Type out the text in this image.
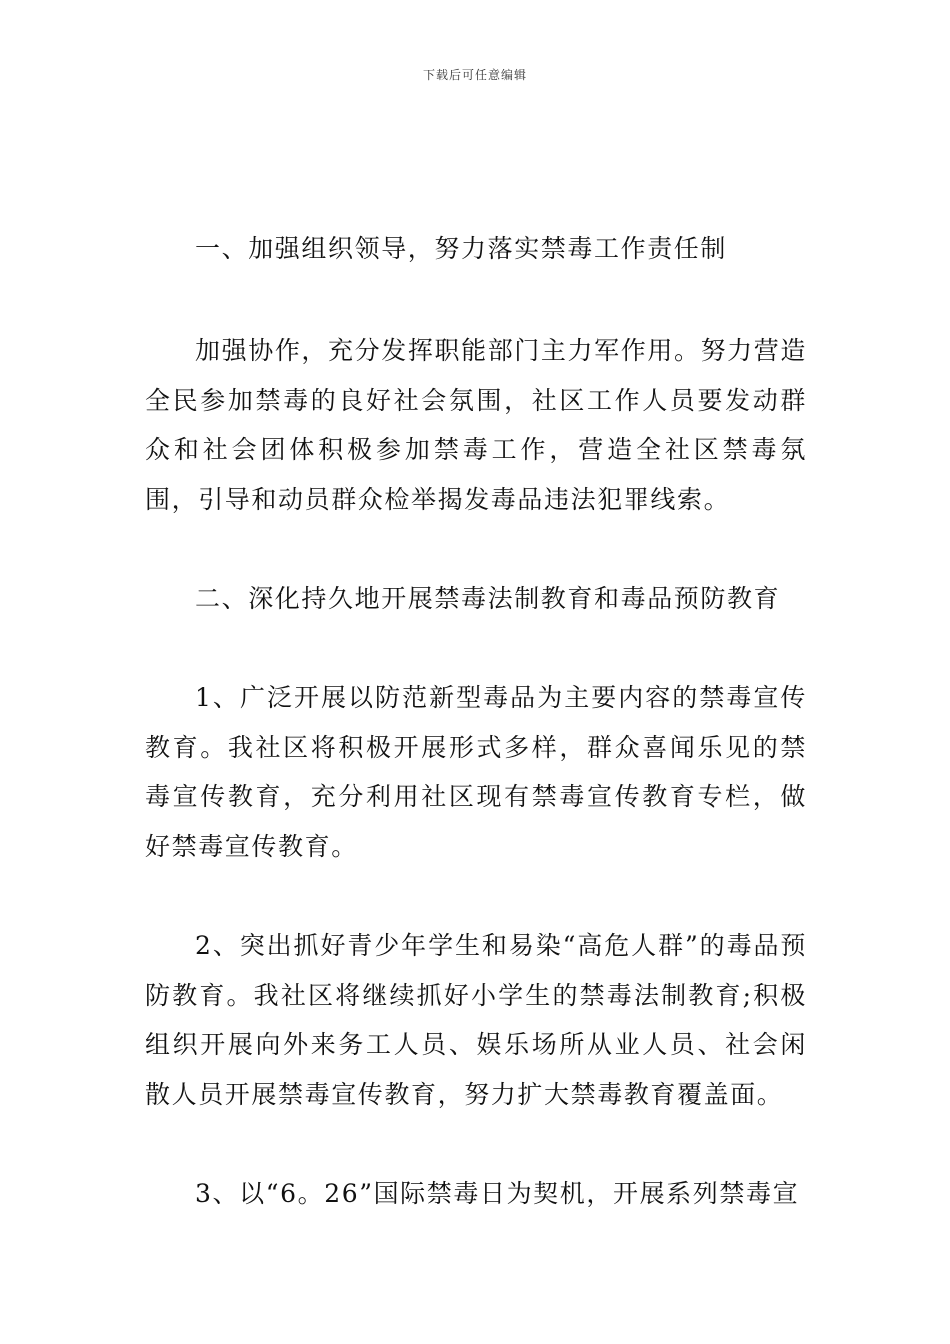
下载后可任意编辑

一、加强组织领导，努力落实禁毒工作责任制

加强协作，充分发挥职能部门主力军作用。努力营造全民参加禁毒的良好社会氛围，社区工作人员要发动群众和社会团体积极参加禁毒工作，营造全社区禁毒氛围，引导和动员群众检举揭发毒品违法犯罪线索。

二、深化持久地开展禁毒法制教育和毒品预防教育

1、广泛开展以防范新型毒品为主要内容的禁毒宣传教育。我社区将积极开展形式多样，群众喜闻乐见的禁毒宣传教育，充分利用社区现有禁毒宣传教育专栏，做好禁毒宣传教育。

2、突出抓好青少年学生和易染“高危人群”的毒品预防教育。我社区将继续抓好小学生的禁毒法制教育;积极组织开展向外来务工人员、娱乐场所从业人员、社会闲散人员开展禁毒宣传教育，努力扩大禁毒教育覆盖面。

3、以“6。26”国际禁毒日为契机，开展系列禁毒宣
